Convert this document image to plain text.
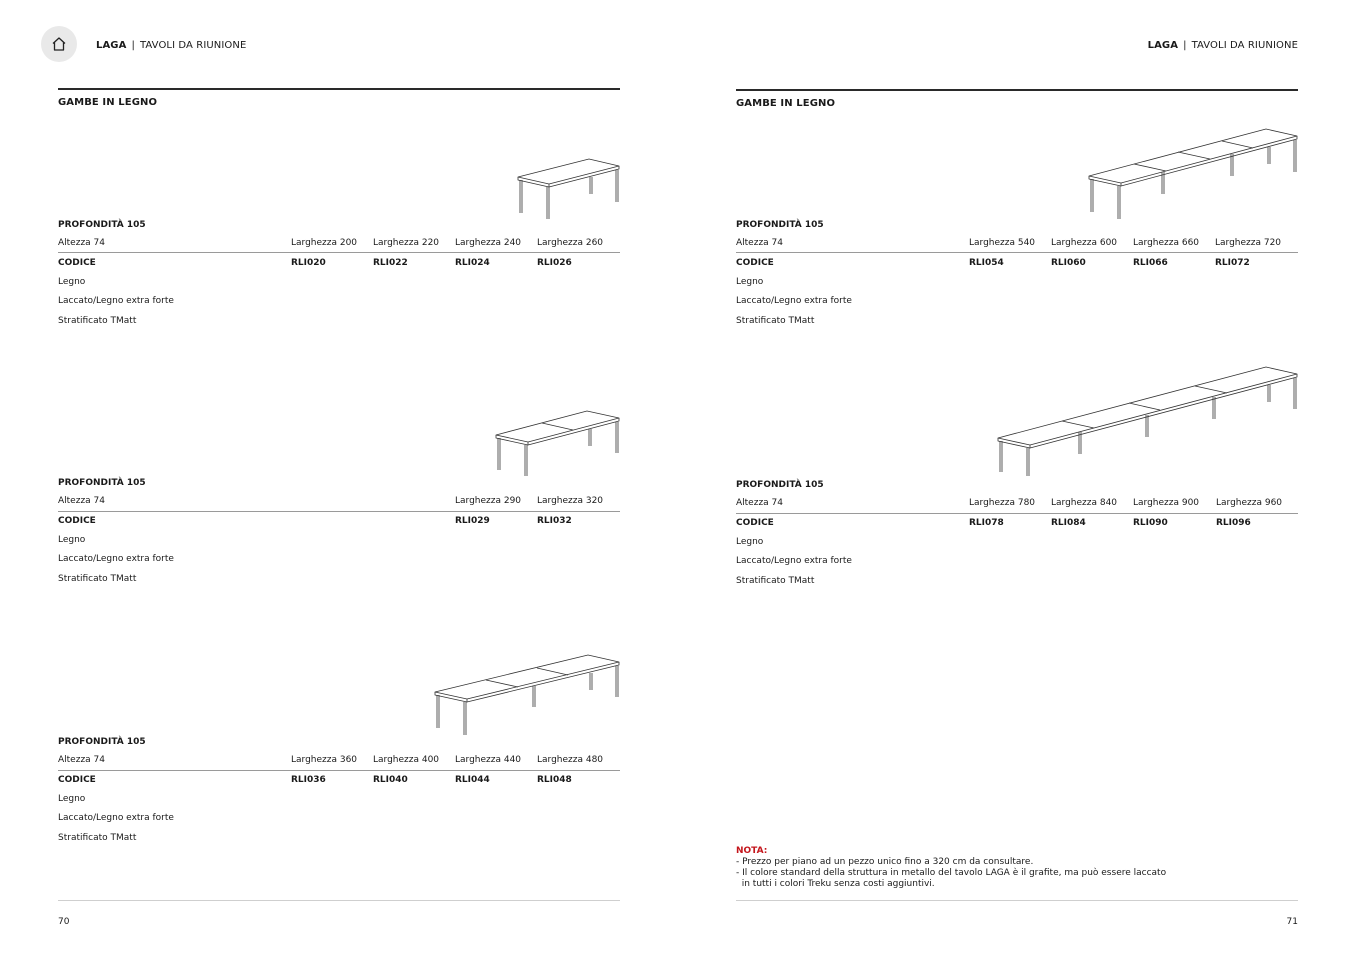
LAGA | TAVOLI DA RIUNIONE	LAGA | TAVOLI DA RIUNIONE
GAMBE IN LEGNO	GAMBE IN LEGNO
PROFONDITÀ 105
Altezza 74	Larghezza 200 Larghezza 220 Larghezza 240 Larghezza 260
CODICE	RLI020	RLI022	RLI024	RLI026
Legno
Laccato/Legno extra forte
Stratificato TMatt
PROFONDITÀ 105
Altezza 74	Larghezza 290 Larghezza 320
CODICE	RLI029	RLI032
Legno
Laccato/Legno extra forte
Stratificato TMatt
PROFONDITÀ 105
Altezza 74	Larghezza 360 Larghezza 400 Larghezza 440 Larghezza 480
CODICE	RLI036	RLI040	RLI044	RLI048
Legno
Laccato/Legno extra forte
Stratificato TMatt
PROFONDITÀ 105
Altezza 74	Larghezza 540 Larghezza 600 Larghezza 660 Larghezza 720
CODICE	RLI054	RLI060	RLI066	RLI072
Legno
Laccato/Legno extra forte
Stratificato TMatt
PROFONDITÀ 105
Altezza 74	Larghezza 780 Larghezza 840 Larghezza 900 Larghezza 960
CODICE	RLI078	RLI084	RLI090	RLI096
Legno
Laccato/Legno extra forte
Stratificato TMatt
NOTA:
- Prezzo per piano ad un pezzo unico fino a 320 cm da consultare.
- Il colore standard della struttura in metallo del tavolo LAGA è il grafite, ma può essere laccato
in tutti i colori Treku senza costi aggiuntivi.
70	71
